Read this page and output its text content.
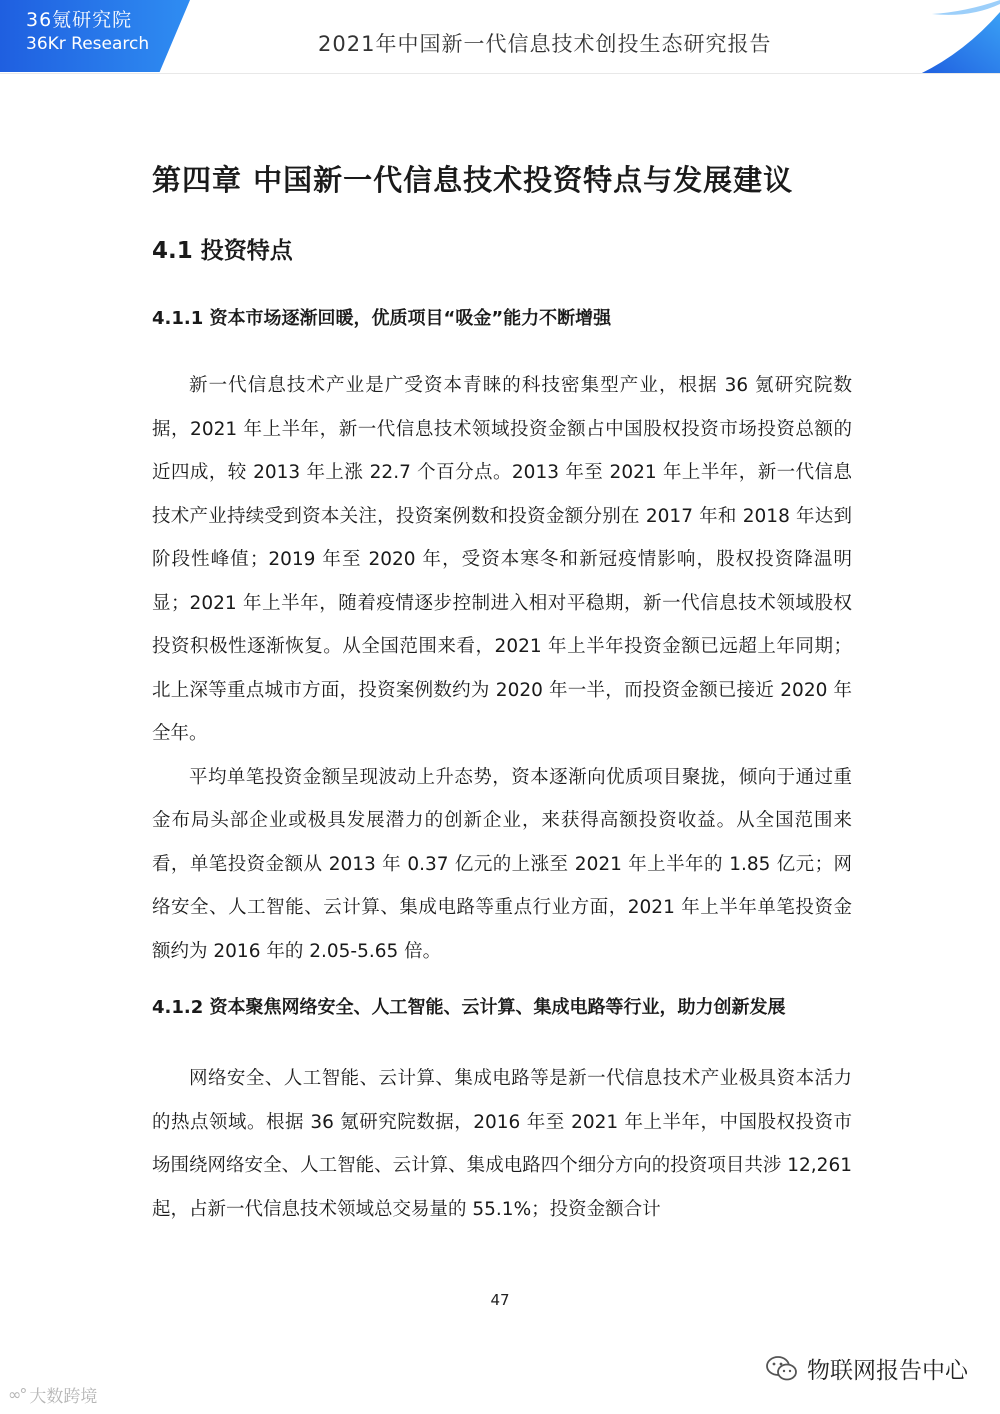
36氪研究院
36Kr Research	2021年中国新一代信息技术创投生态研究报告
第四章 中国新一代信息技术投资特点与发展建议
4.1 投资特点
4.1.1 资本市场逐渐回暖，优质项目“吸金”能力不断增强

新一代信息技术产业是广受资本青睐的科技密集型产业，根据 36 氪研究院数据，2021 年上半年，新一代信息技术领域投资金额占中国股权投资市场投资总额的近四成，较 2013 年上涨 22.7 个百分点。2013 年至 2021 年上半年，新一代信息技术产业持续受到资本关注，投资案例数和投资金额分别在 2017 年和 2018 年达到阶段性峰值；2019 年至 2020 年，受资本寒冬和新冠疫情影响，股权投资降温明显；2021 年上半年，随着疫情逐步控制进入相对平稳期，新一代信息技术领域股权投资积极性逐渐恢复。从全国范围来看，2021 年上半年投资金额已远超上年同期；北上深等重点城市方面，投资案例数约为 2020 年一半，而投资金额已接近 2020 年全年。

平均单笔投资金额呈现波动上升态势，资本逐渐向优质项目聚拢，倾向于通过重金布局头部企业或极具发展潜力的创新企业，来获得高额投资收益。从全国范围来看，单笔投资金额从 2013 年 0.37 亿元的上涨至 2021 年上半年的 1.85 亿元；网络安全、人工智能、云计算、集成电路等重点行业方面，2021 年上半年单笔投资金额约为 2016 年的 2.05-5.65 倍。

4.1.2 资本聚焦网络安全、人工智能、云计算、集成电路等行业，助力创新发展

网络安全、人工智能、云计算、集成电路等是新一代信息技术产业极具资本活力的热点领域。根据 36 氪研究院数据，2016 年至 2021 年上半年，中国股权投资市场围绕网络安全、人工智能、云计算、集成电路四个细分方向的投资项目共涉 12,261 起，占新一代信息技术领域总交易量的 55.1%；投资金额合计

47
∞° 大数跨境
物联网报告中心
